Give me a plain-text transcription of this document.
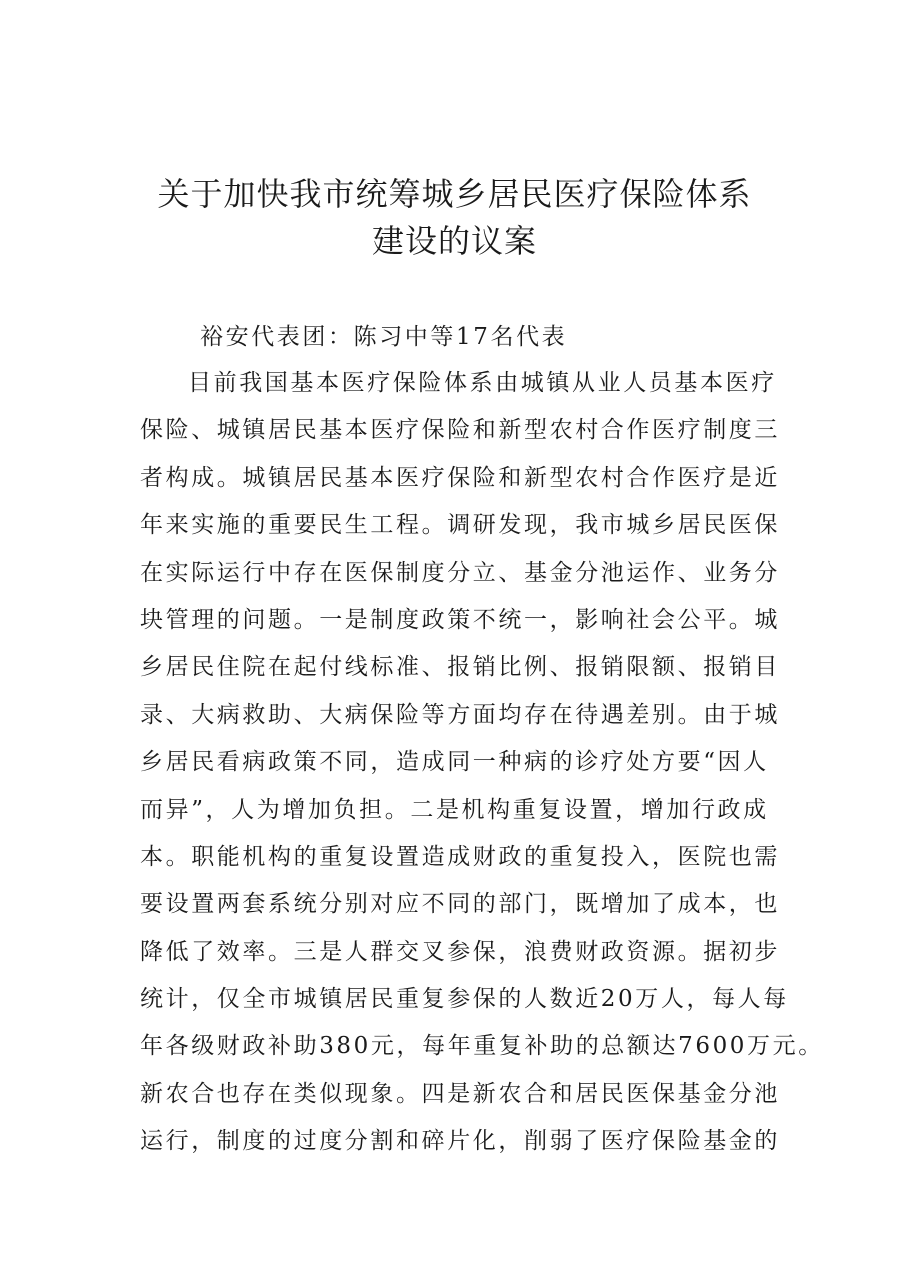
关于加快我市统筹城乡居民医疗保险体系
建设的议案
裕安代表团：陈习中等17名代表
目前我国基本医疗保险体系由城镇从业人员基本医疗
保险、城镇居民基本医疗保险和新型农村合作医疗制度三
者构成。城镇居民基本医疗保险和新型农村合作医疗是近
年来实施的重要民生工程。调研发现，我市城乡居民医保
在实际运行中存在医保制度分立、基金分池运作、业务分
块管理的问题。一是制度政策不统一，影响社会公平。城
乡居民住院在起付线标准、报销比例、报销限额、报销目
录、大病救助、大病保险等方面均存在待遇差别。由于城
乡居民看病政策不同，造成同一种病的诊疗处方要“因人
而异”，人为增加负担。二是机构重复设置，增加行政成
本。职能机构的重复设置造成财政的重复投入，医院也需
要设置两套系统分别对应不同的部门，既增加了成本，也
降低了效率。三是人群交叉参保，浪费财政资源。据初步
统计，仅全市城镇居民重复参保的人数近20万人，每人每
年各级财政补助380元，每年重复补助的总额达7600万元。
新农合也存在类似现象。四是新农合和居民医保基金分池
运行，制度的过度分割和碎片化，削弱了医疗保险基金的
